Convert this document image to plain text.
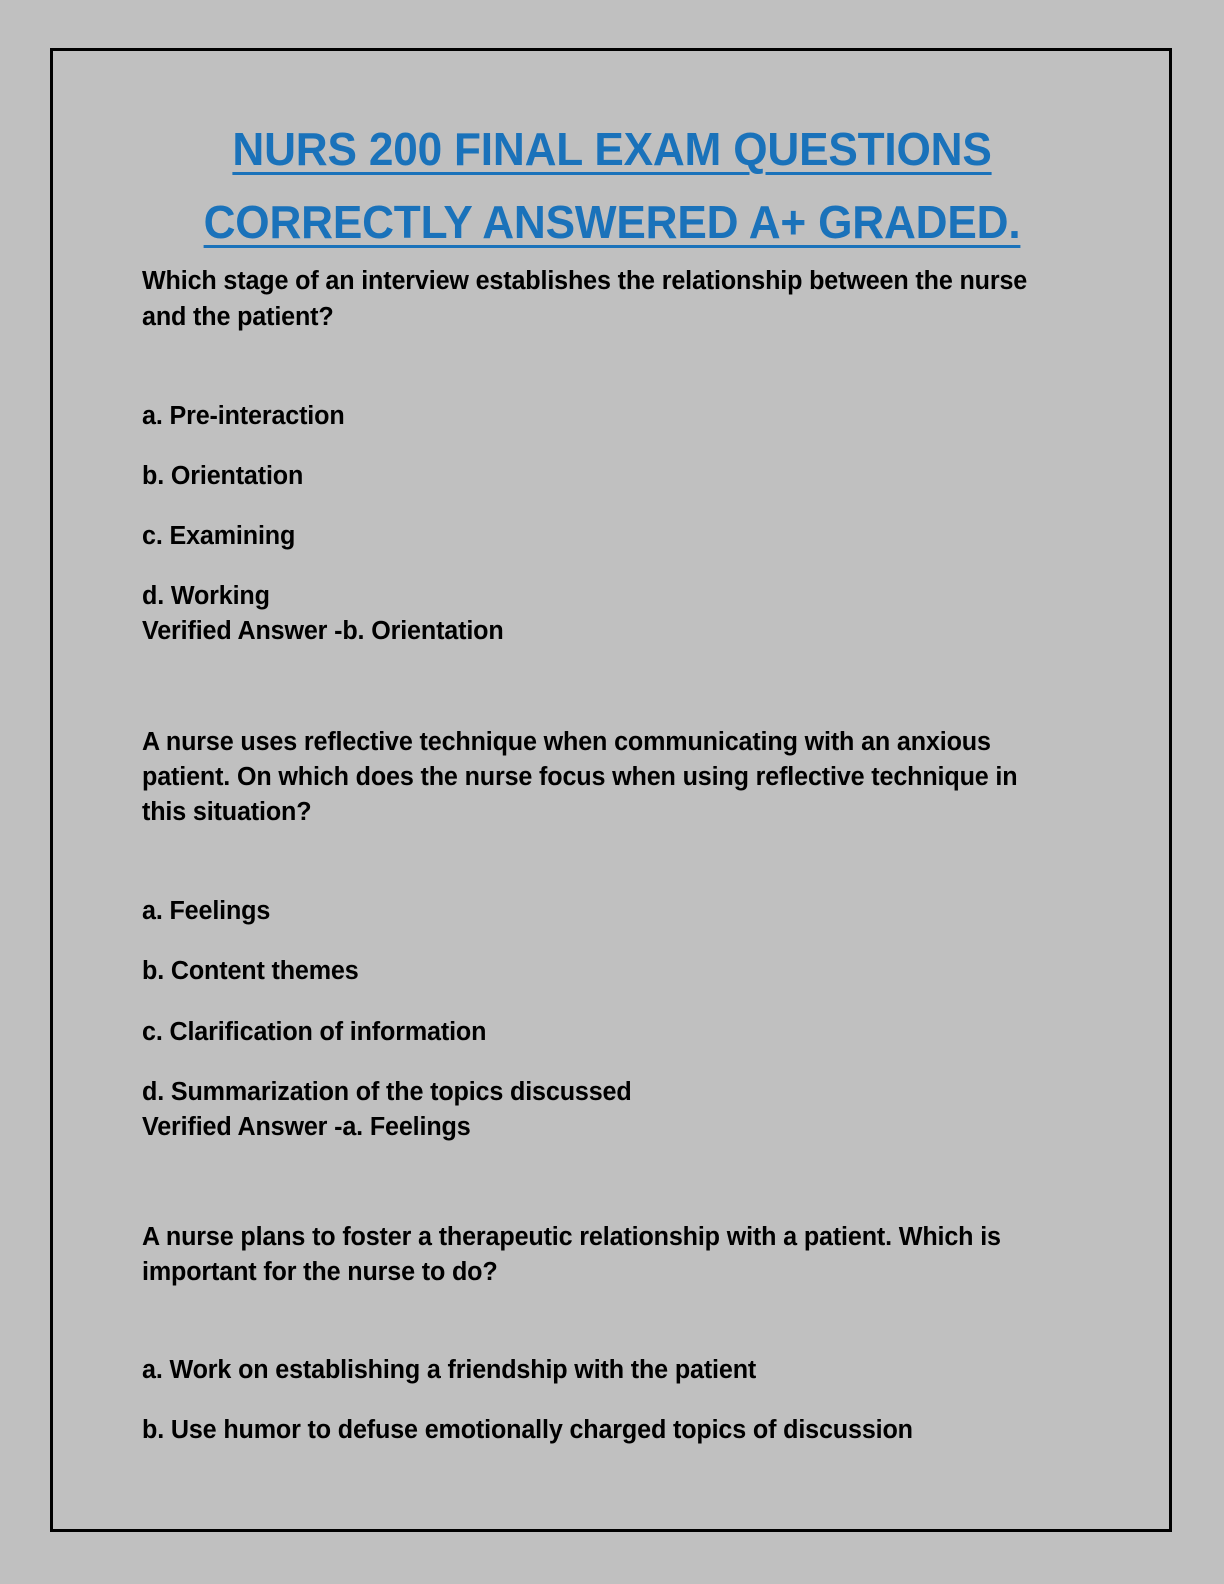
NURS 200 FINAL EXAM QUESTIONS
CORRECTLY ANSWERED A+ GRADED.

Which stage of an interview establishes the relationship between the nurse and the patient?

a. Pre-interaction

b. Orientation

c. Examining

d. Working

Verified Answer -b. Orientation

A nurse uses reflective technique when communicating with an anxious patient. On which does the nurse focus when using reflective technique in this situation?

a. Feelings

b. Content themes

c. Clarification of information

d. Summarization of the topics discussed

Verified Answer -a. Feelings

A nurse plans to foster a therapeutic relationship with a patient. Which is important for the nurse to do?

a. Work on establishing a friendship with the patient

b. Use humor to defuse emotionally charged topics of discussion
